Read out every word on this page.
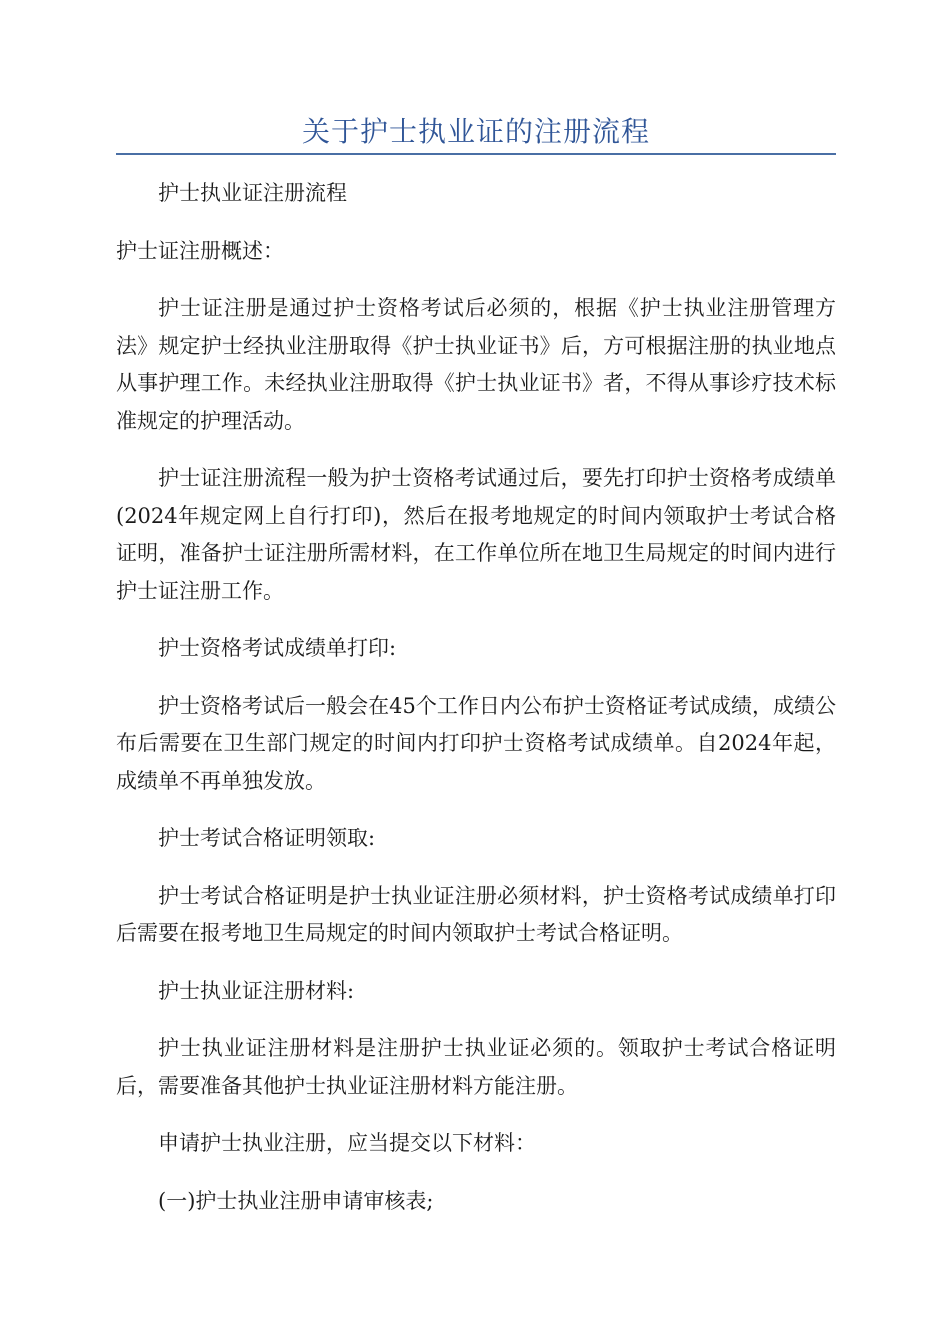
关于护士执业证的注册流程

护士执业证注册流程

护士证注册概述：

护士证注册是通过护士资格考试后必须的，根据《护士执业注册管理方法》规定护士经执业注册取得《护士执业证书》后，方可根据注册的执业地点从事护理工作。未经执业注册取得《护士执业证书》者，不得从事诊疗技术标准规定的护理活动。

护士证注册流程一般为护士资格考试通过后，要先打印护士资格考成绩单(2024年规定网上自行打印)，然后在报考地规定的时间内领取护士考试合格证明，准备护士证注册所需材料，在工作单位所在地卫生局规定的时间内进行护士证注册工作。

护士资格考试成绩单打印:

护士资格考试后一般会在45个工作日内公布护士资格证考试成绩，成绩公布后需要在卫生部门规定的时间内打印护士资格考试成绩单。自2024年起，成绩单不再单独发放。

护士考试合格证明领取:

护士考试合格证明是护士执业证注册必须材料，护士资格考试成绩单打印后需要在报考地卫生局规定的时间内领取护士考试合格证明。

护士执业证注册材料:

护士执业证注册材料是注册护士执业证必须的。领取护士考试合格证明后，需要准备其他护士执业证注册材料方能注册。

申请护士执业注册，应当提交以下材料：

(一)护士执业注册申请审核表;
